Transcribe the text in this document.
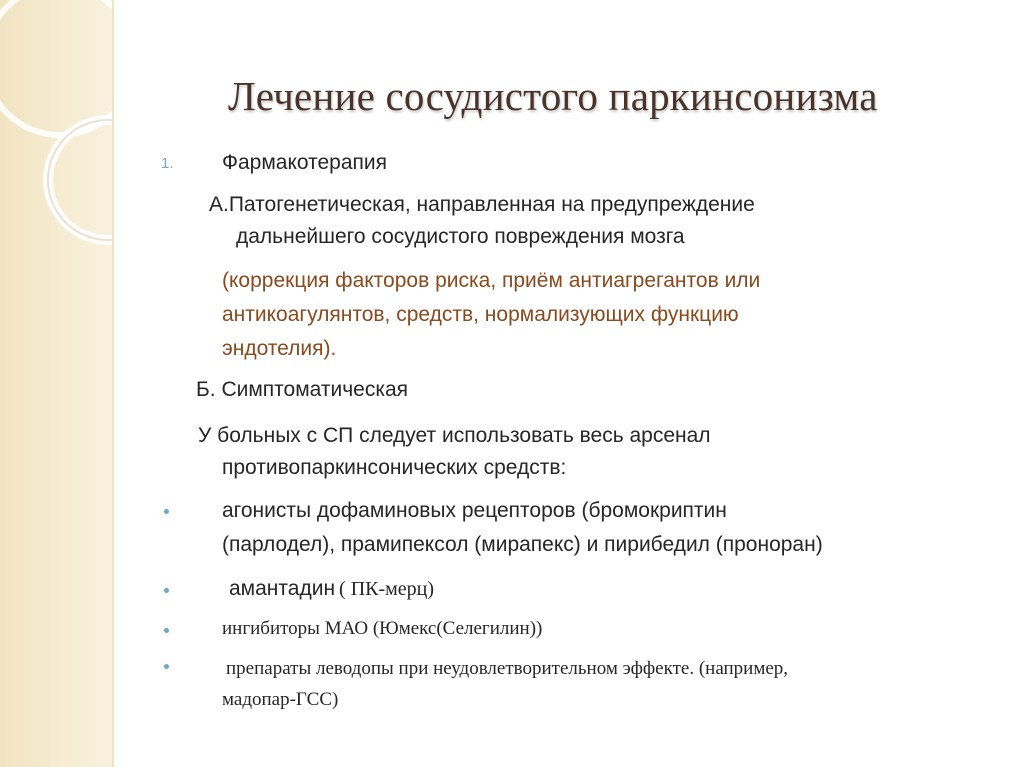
Лечение сосудистого паркинсонизма
1. Фармакотерапия
А.Патогенетическая, направленная на предупреждение
дальнейшего сосудистого повреждения мозга
(коррекция факторов риска, приём антиагрегантов или
антикоагулянтов, средств, нормализующих функцию
эндотелия).
Б. Симптоматическая
У больных с СП следует использовать весь арсенал
противопаркинсонических средств:
агонисты дофаминовых рецепторов (бромокриптин
(парлодел), прамипексол (мирапекс) и пирибедил (проноран)
амантадин ( ПК-мерц)
ингибиторы МАО (Юмекс(Селегилин))
препараты леводопы при неудовлетворительном эффекте. (например,
мадопар-ГСС)
